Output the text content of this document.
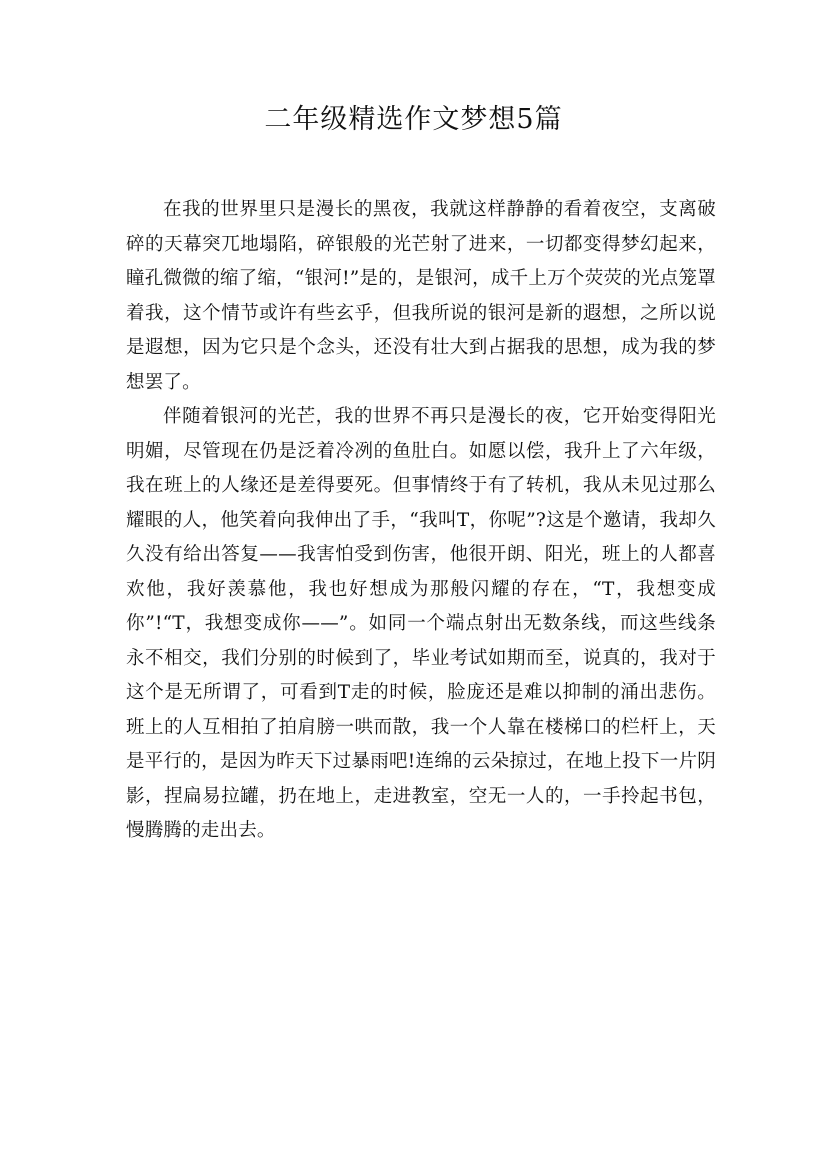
二年级精选作文梦想5篇

在我的世界里只是漫长的黑夜，我就这样静静的看着夜空，支离破碎的天幕突兀地塌陷，碎银般的光芒射了进来，一切都变得梦幻起来，瞳孔微微的缩了缩，“银河!”是的，是银河，成千上万个荧荧的光点笼罩着我，这个情节或许有些玄乎，但我所说的银河是新的遐想，之所以说是遐想，因为它只是个念头，还没有壮大到占据我的思想，成为我的梦想罢了。

伴随着银河的光芒，我的世界不再只是漫长的夜，它开始变得阳光明媚，尽管现在仍是泛着冷冽的鱼肚白。如愿以偿，我升上了六年级，我在班上的人缘还是差得要死。但事情终于有了转机，我从未见过那么耀眼的人，他笑着向我伸出了手，“我叫T，你呢”?这是个邀请，我却久久没有给出答复——我害怕受到伤害，他很开朗、阳光，班上的人都喜欢他，我好羡慕他，我也好想成为那般闪耀的存在，“T，我想变成你”!“T，我想变成你——”。如同一个端点射出无数条线，而这些线条永不相交，我们分别的时候到了，毕业考试如期而至，说真的，我对于这个是无所谓了，可看到T走的时候，脸庞还是难以抑制的涌出悲伤。班上的人互相拍了拍肩膀一哄而散，我一个人靠在楼梯口的栏杆上，天是平行的，是因为昨天下过暴雨吧!连绵的云朵掠过，在地上投下一片阴影，捏扁易拉罐，扔在地上，走进教室，空无一人的，一手拎起书包，慢腾腾的走出去。
